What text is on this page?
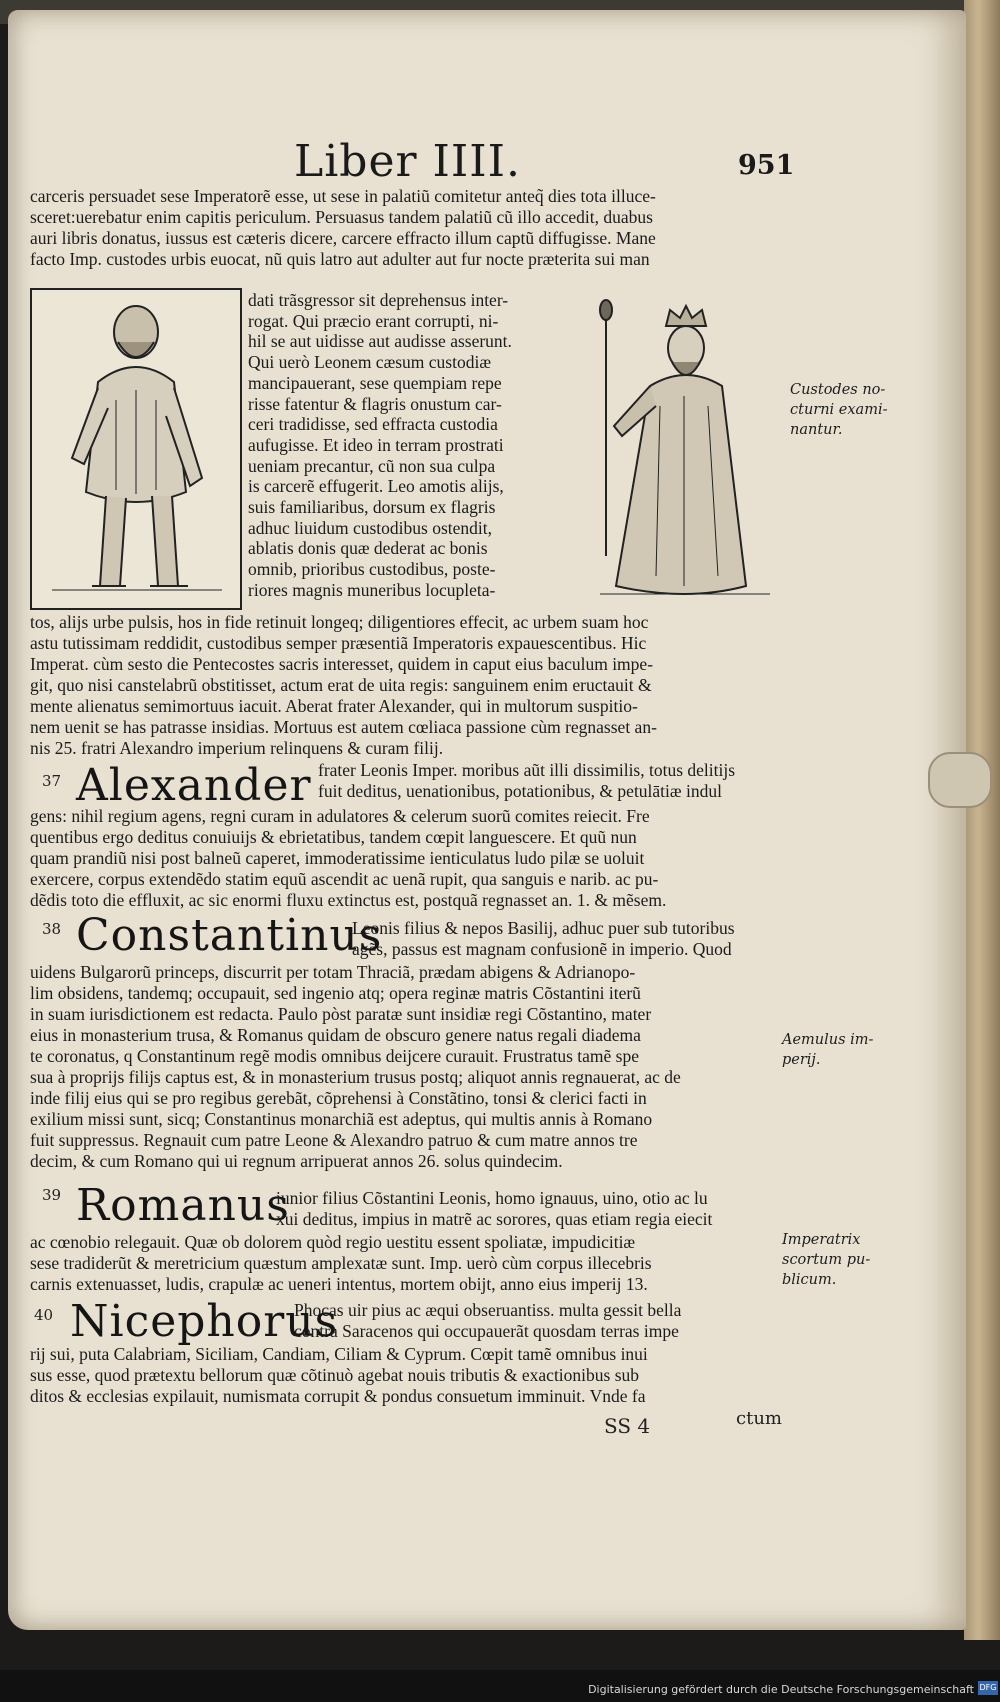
Liber IIII.	951

carceris persuadet sese Imperatorẽ esse, ut sese in palatiũ comitetur anteq̃ dies tota illuce-

sceret:uerebatur enim capitis periculum. Persuasus tandem palatiũ cũ illo accedit, duabus

auri libris donatus, iussus est cæteris dicere, carcere effracto illum captũ diffugisse. Mane

facto Imp. custodes urbis euocat, nũ quis latro aut adulter aut fur nocte præterita sui man

dati trãsgressor sit deprehensus inter-

rogat. Qui præcio erant corrupti, ni-

hil se aut uidisse aut audisse asserunt.

Qui uerò Leonem cæsum custodiæ

mancipauerant, sese quempiam repe

risse fatentur & flagris onustum car-

ceri tradidisse, sed effracta custodia

aufugisse. Et ideo in terram prostrati

ueniam precantur, cũ non sua culpa

is carcerẽ effugerit. Leo amotis alijs,

suis familiaribus, dorsum ex flagris

adhuc liuidum custodibus ostendit,

ablatis donis quæ dederat ac bonis

omnib, prioribus custodibus, poste-

riores magnis muneribus locupleta-

Custodes no-

cturni exami-

nantur.

tos, alijs urbe pulsis, hos in fide retinuit longeq; diligentiores effecit, ac urbem suam hoc

astu tutissimam reddidit, custodibus semper præsentiã Imperatoris expauescentibus. Hic

Imperat. cùm sesto die Pentecostes sacris interesset, quidem in caput eius baculum impe-

git, quo nisi canstelabrũ obstitisset, actum erat de uita regis: sanguinem enim eructauit &

mente alienatus semimortuus iacuit. Aberat frater Alexander, qui in multorum suspitio-

nem uenit se has patrasse insidias. Mortuus est autem cœliaca passione cùm regnasset an-

nis 25. fratri Alexandro imperium relinquens & curam filij.

37 Alexander frater Leonis Imper. moribus aũt illi dissimilis, totus delitijs

fuit deditus, uenationibus, potationibus, & petulātiæ indul

gens: nihil regium agens, regni curam in adulatores & celerum suorũ comites reiecit. Fre

quentibus ergo deditus conuiuijs & ebrietatibus, tandem cœpit languescere. Et quũ nun

quam prandiũ nisi post balneũ caperet, immoderatissime ienticulatus ludo pilæ se uoluit

exercere, corpus extendẽdo statim equũ ascendit ac uenã rupit, qua sanguis e narib. ac pu-

dẽdis toto die effluxit, ac sic enormi fluxu extinctus est, postquã regnasset an. 1. & mẽsem.

38 Constantinus

Leonis filius & nepos Basilij, adhuc puer sub tutoribus

agẽs, passus est magnam confusionẽ in imperio. Quod

uidens Bulgarorũ princeps, discurrit per totam Thraciã, prædam abigens & Adrianopo-

lim obsidens, tandemq; occupauit, sed ingenio atq; opera reginæ matris Cõstantini iterũ

in suam iurisdictionem est redacta. Paulo pòst paratæ sunt insidiæ regi Cõstantino, mater

eius in monasterium trusa, & Romanus quidam de obscuro genere natus regali diadema

te coronatus, q Constantinum regẽ modis omnibus deijcere curauit. Frustratus tamẽ spe

sua à proprijs filijs captus est, & in monasterium trusus postq; aliquot annis regnauerat, ac de

inde filij eius qui se pro regibus gerebãt, cõprehensi à Constãtino, tonsi & clerici facti in

exilium missi sunt, sicq; Constantinus monarchiã est adeptus, qui multis annis à Romano

fuit suppressus. Regnauit cum patre Leone & Alexandro patruo & cum matre annos tre

decim, & cum Romano qui ui regnum arripuerat annos 26. solus quindecim.

Aemulus im-

perij.

39 Romanus

iunior filius Cõstantini Leonis, homo ignauus, uino, otio ac lu

xui deditus, impius in matrẽ ac sorores, quas etiam regia eiecit

ac cœnobio relegauit. Quæ ob dolorem quòd regio uestitu essent spoliatæ, impudicitiæ

sese tradiderũt & meretricium quæstum amplexatæ sunt. Imp. uerò cùm corpus illecebris

carnis extenuasset, ludis, crapulæ ac ueneri intentus, mortem obijt, anno eius imperij 13.

Imperatrix

scortum pu-

blicum.

40 Nicephorus

Phocas uir pius ac æqui obseruantiss. multa gessit bella

contra Saracenos qui occupauerãt quosdam terras impe

rij sui, puta Calabriam, Siciliam, Candiam, Ciliam & Cyprum. Cœpit tamẽ omnibus inui

sus esse, quod prætextu bellorum quæ cõtinuò agebat nouis tributis & exactionibus sub

ditos & ecclesias expilauit, numismata corrupit & pondus consuetum imminuit. Vnde fa

SS 4	ctum
Digitalisierung gefördert durch die Deutsche Forschungsgemeinschaft DFG
